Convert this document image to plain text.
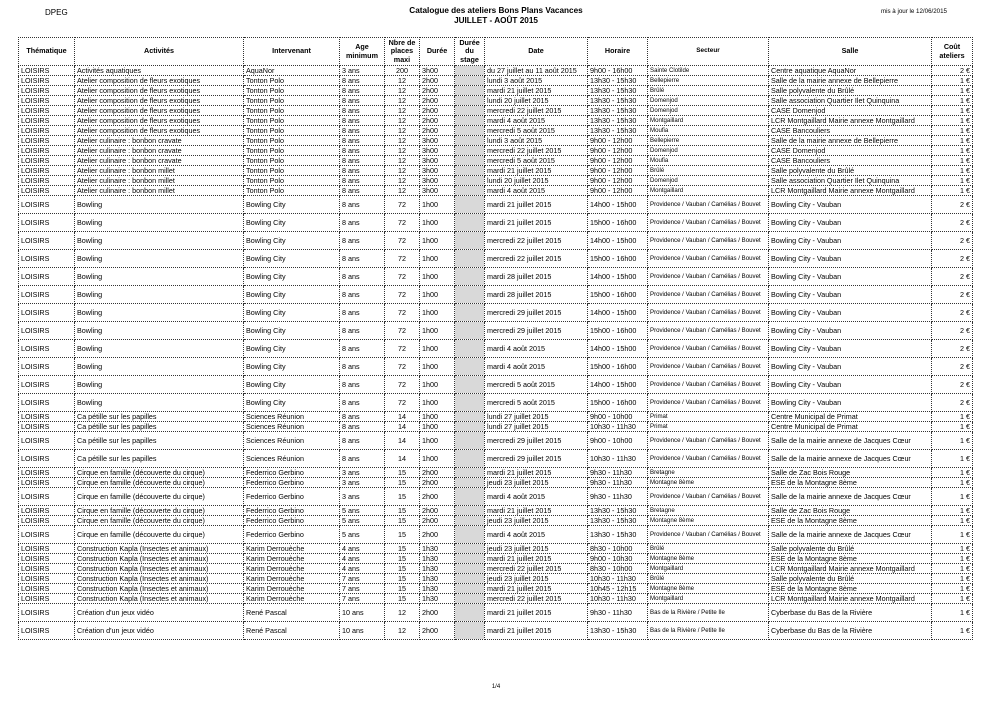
DPEG	Catalogue des ateliers Bons Plans Vacances
JUILLET - AOÛT 2015
mis à jour le 12/06/2015
Thématique	Activités	Intervenant	Age minimum	Nbre de places maxi	Durée	Durée du stage	Date	Horaire	Secteur	Salle	Coût ateliers
LOISIRS	Activités aquatiques	AquaNor	3 ans	200	3h00		du 27 juillet au 11 août 2015	9h00 - 16h00	Sainte Clotilde	Centre aquatique AquaNor	2 €
LOISIRS	Atelier composition de fleurs exotiques	Tonton Polo	8 ans	12	2h00		lundi 3 août 2015	13h30 - 15h30	Bellepierre	Salle de la mairie annexe de Bellepierre	1 €
LOISIRS	Atelier composition de fleurs exotiques	Tonton Polo	8 ans	12	2h00		mardi 21 juillet 2015	13h30 - 15h30	Brûlé	Salle polyvalente du Brûlé	1 €
LOISIRS	Atelier composition de fleurs exotiques	Tonton Polo	8 ans	12	2h00		lundi 20 juillet 2015	13h30 - 15h30	Domenjod	Salle association Quartier Ilet Quinquina	1 €
LOISIRS	Atelier composition de fleurs exotiques	Tonton Polo	8 ans	12	2h00		mercredi 22 juillet 2015	13h30 - 15h30	Domenjod	CASE Domenjod	1 €
LOISIRS	Atelier composition de fleurs exotiques	Tonton Polo	8 ans	12	2h00		mardi 4 août 2015	13h30 - 15h30	Montgaillard	LCR Montgaillard Mairie annexe Montgaillard	1 €
LOISIRS	Atelier composition de fleurs exotiques	Tonton Polo	8 ans	12	2h00		mercredi 5 août 2015	13h30 - 15h30	Moufia	CASE Bancouliers	1 €
LOISIRS	Atelier culinaire : bonbon cravate	Tonton Polo	8 ans	12	3h00		lundi 3 août 2015	9h00 - 12h00	Bellepierre	Salle de la mairie annexe de Bellepierre	1 €
LOISIRS	Atelier culinaire : bonbon cravate	Tonton Polo	8 ans	12	3h00		mercredi 22 juillet 2015	9h00 - 12h00	Domenjod	CASE Domenjod	1 €
LOISIRS	Atelier culinaire : bonbon cravate	Tonton Polo	8 ans	12	3h00		mercredi 5 août 2015	9h00 - 12h00	Moufia	CASE Bancouliers	1 €
LOISIRS	Atelier culinaire : bonbon millet	Tonton Polo	8 ans	12	3h00		mardi 21 juillet 2015	9h00 - 12h00	Brûlé	Salle polyvalente du Brûlé	1 €
LOISIRS	Atelier culinaire : bonbon millet	Tonton Polo	8 ans	12	3h00		lundi 20 juillet 2015	9h00 - 12h00	Domenjod	Salle association Quartier Ilet Quinquina	1 €
LOISIRS	Atelier culinaire : bonbon millet	Tonton Polo	8 ans	12	3h00		mardi 4 août 2015	9h00 - 12h00	Montgaillard	LCR Montgaillard Mairie annexe Montgaillard	1 €
LOISIRS	Bowling	Bowling City	8 ans	72	1h00		mardi 21 juillet 2015	14h00 - 15h00	Providence / Vauban / Camélias / Bouvet	Bowling City - Vauban	2 €
LOISIRS	Bowling	Bowling City	8 ans	72	1h00		mardi 21 juillet 2015	15h00 - 16h00	Providence / Vauban / Camélias / Bouvet	Bowling City - Vauban	2 €
LOISIRS	Bowling	Bowling City	8 ans	72	1h00		mercredi 22 juillet 2015	14h00 - 15h00	Providence / Vauban / Camélias / Bouvet	Bowling City - Vauban	2 €
LOISIRS	Bowling	Bowling City	8 ans	72	1h00		mercredi 22 juillet 2015	15h00 - 16h00	Providence / Vauban / Camélias / Bouvet	Bowling City - Vauban	2 €
LOISIRS	Bowling	Bowling City	8 ans	72	1h00		mardi 28 juillet 2015	14h00 - 15h00	Providence / Vauban / Camélias / Bouvet	Bowling City - Vauban	2 €
LOISIRS	Bowling	Bowling City	8 ans	72	1h00		mardi 28 juillet 2015	15h00 - 16h00	Providence / Vauban / Camélias / Bouvet	Bowling City - Vauban	2 €
LOISIRS	Bowling	Bowling City	8 ans	72	1h00		mercredi 29 juillet 2015	14h00 - 15h00	Providence / Vauban / Camélias / Bouvet	Bowling City - Vauban	2 €
LOISIRS	Bowling	Bowling City	8 ans	72	1h00		mercredi 29 juillet 2015	15h00 - 16h00	Providence / Vauban / Camélias / Bouvet	Bowling City - Vauban	2 €
LOISIRS	Bowling	Bowling City	8 ans	72	1h00		mardi 4 août 2015	14h00 - 15h00	Providence / Vauban / Camélias / Bouvet	Bowling City - Vauban	2 €
LOISIRS	Bowling	Bowling City	8 ans	72	1h00		mardi 4 août 2015	15h00 - 16h00	Providence / Vauban / Camélias / Bouvet	Bowling City - Vauban	2 €
LOISIRS	Bowling	Bowling City	8 ans	72	1h00		mercredi 5 août 2015	14h00 - 15h00	Providence / Vauban / Camélias / Bouvet	Bowling City - Vauban	2 €
LOISIRS	Bowling	Bowling City	8 ans	72	1h00		mercredi 5 août 2015	15h00 - 16h00	Providence / Vauban / Camélias / Bouvet	Bowling City - Vauban	2 €
LOISIRS	Ca pétille sur les papilles	Sciences Réunion	8 ans	14	1h00		lundi 27 juillet 2015	9h00 - 10h00	Primat	Centre Municipal de Primat	1 €
LOISIRS	Ca pétille sur les papilles	Sciences Réunion	8 ans	14	1h00		lundi 27 juillet 2015	10h30 - 11h30	Primat	Centre Municipal de Primat	1 €
LOISIRS	Ca pétille sur les papilles	Sciences Réunion	8 ans	14	1h00		mercredi 29 juillet 2015	9h00 - 10h00	Providence / Vauban / Camélias / Bouvet	Salle de la mairie annexe de Jacques Cœur	1 €
LOISIRS	Ca pétille sur les papilles	Sciences Réunion	8 ans	14	1h00		mercredi 29 juillet 2015	10h30 - 11h30	Providence / Vauban / Camélias / Bouvet	Salle de la mairie annexe de Jacques Cœur	1 €
LOISIRS	Cirque en famille (découverte du cirque)	Federrico Gerbino	3 ans	15	2h00		mardi 21 juillet 2015	9h30 - 11h30	Bretagne	Salle de Zac Bois Rouge	1 €
LOISIRS	Cirque en famille (découverte du cirque)	Federrico Gerbino	3 ans	15	2h00		jeudi 23 juillet 2015	9h30 - 11h30	Montagne 8ème	ESE de la Montagne 8ème	1 €
LOISIRS	Cirque en famille (découverte du cirque)	Federrico Gerbino	3 ans	15	2h00		mardi 4 août 2015	9h30 - 11h30	Providence / Vauban / Camélias / Bouvet	Salle de la mairie annexe de Jacques Cœur	1 €
LOISIRS	Cirque en famille (découverte du cirque)	Federrico Gerbino	5 ans	15	2h00		mardi 21 juillet 2015	13h30 - 15h30	Bretagne	Salle de Zac Bois Rouge	1 €
LOISIRS	Cirque en famille (découverte du cirque)	Federrico Gerbino	5 ans	15	2h00		jeudi 23 juillet 2015	13h30 - 15h30	Montagne 8ème	ESE de la Montagne 8ème	1 €
LOISIRS	Cirque en famille (découverte du cirque)	Federrico Gerbino	5 ans	15	2h00		mardi 4 août 2015	13h30 - 15h30	Providence / Vauban / Camélias / Bouvet	Salle de la mairie annexe de Jacques Cœur	1 €
LOISIRS	Construction Kapla (Insectes et animaux)	Karim Derrouèche	4 ans	15	1h30		jeudi 23 juillet 2015	8h30 - 10h00	Brûlé	Salle polyvalente du Brûlé	1 €
LOISIRS	Construction Kapla (Insectes et animaux)	Karim Derrouèche	4 ans	15	1h30		mardi 21 juillet 2015	9h00 - 10h30	Montagne 8ème	ESE de la Montagne 8ème	1 €
LOISIRS	Construction Kapla (Insectes et animaux)	Karim Derrouèche	4 ans	15	1h30		mercredi 22 juillet 2015	8h30 - 10h00	Montgaillard	LCR Montgaillard Mairie annexe Montgaillard	1 €
LOISIRS	Construction Kapla (Insectes et animaux)	Karim Derrouèche	7 ans	15	1h30		jeudi 23 juillet 2015	10h30 - 11h30	Brûlé	Salle polyvalente du Brûlé	1 €
LOISIRS	Construction Kapla (Insectes et animaux)	Karim Derrouèche	7 ans	15	1h30		mardi 21 juillet 2015	10h45 - 12h15	Montagne 8ème	ESE de la Montagne 8ème	1 €
LOISIRS	Construction Kapla (Insectes et animaux)	Karim Derrouèche	7 ans	15	1h30		mercredi 22 juillet 2015	10h30 - 11h30	Montgaillard	LCR Montgaillard Mairie annexe Montgaillard	1 €
LOISIRS	Création d'un jeux vidéo	René Pascal	10 ans	12	2h00		mardi 21 juillet 2015	9h30 - 11h30	Bas de la Rivière / Petite Ile	Cyberbase du Bas de la Rivière	1 €
LOISIRS	Création d'un jeux vidéo	René Pascal	10 ans	12	2h00		mardi 21 juillet 2015	13h30 - 15h30	Bas de la Rivière / Petite Ile	Cyberbase du Bas de la Rivière	1 €
1/4
